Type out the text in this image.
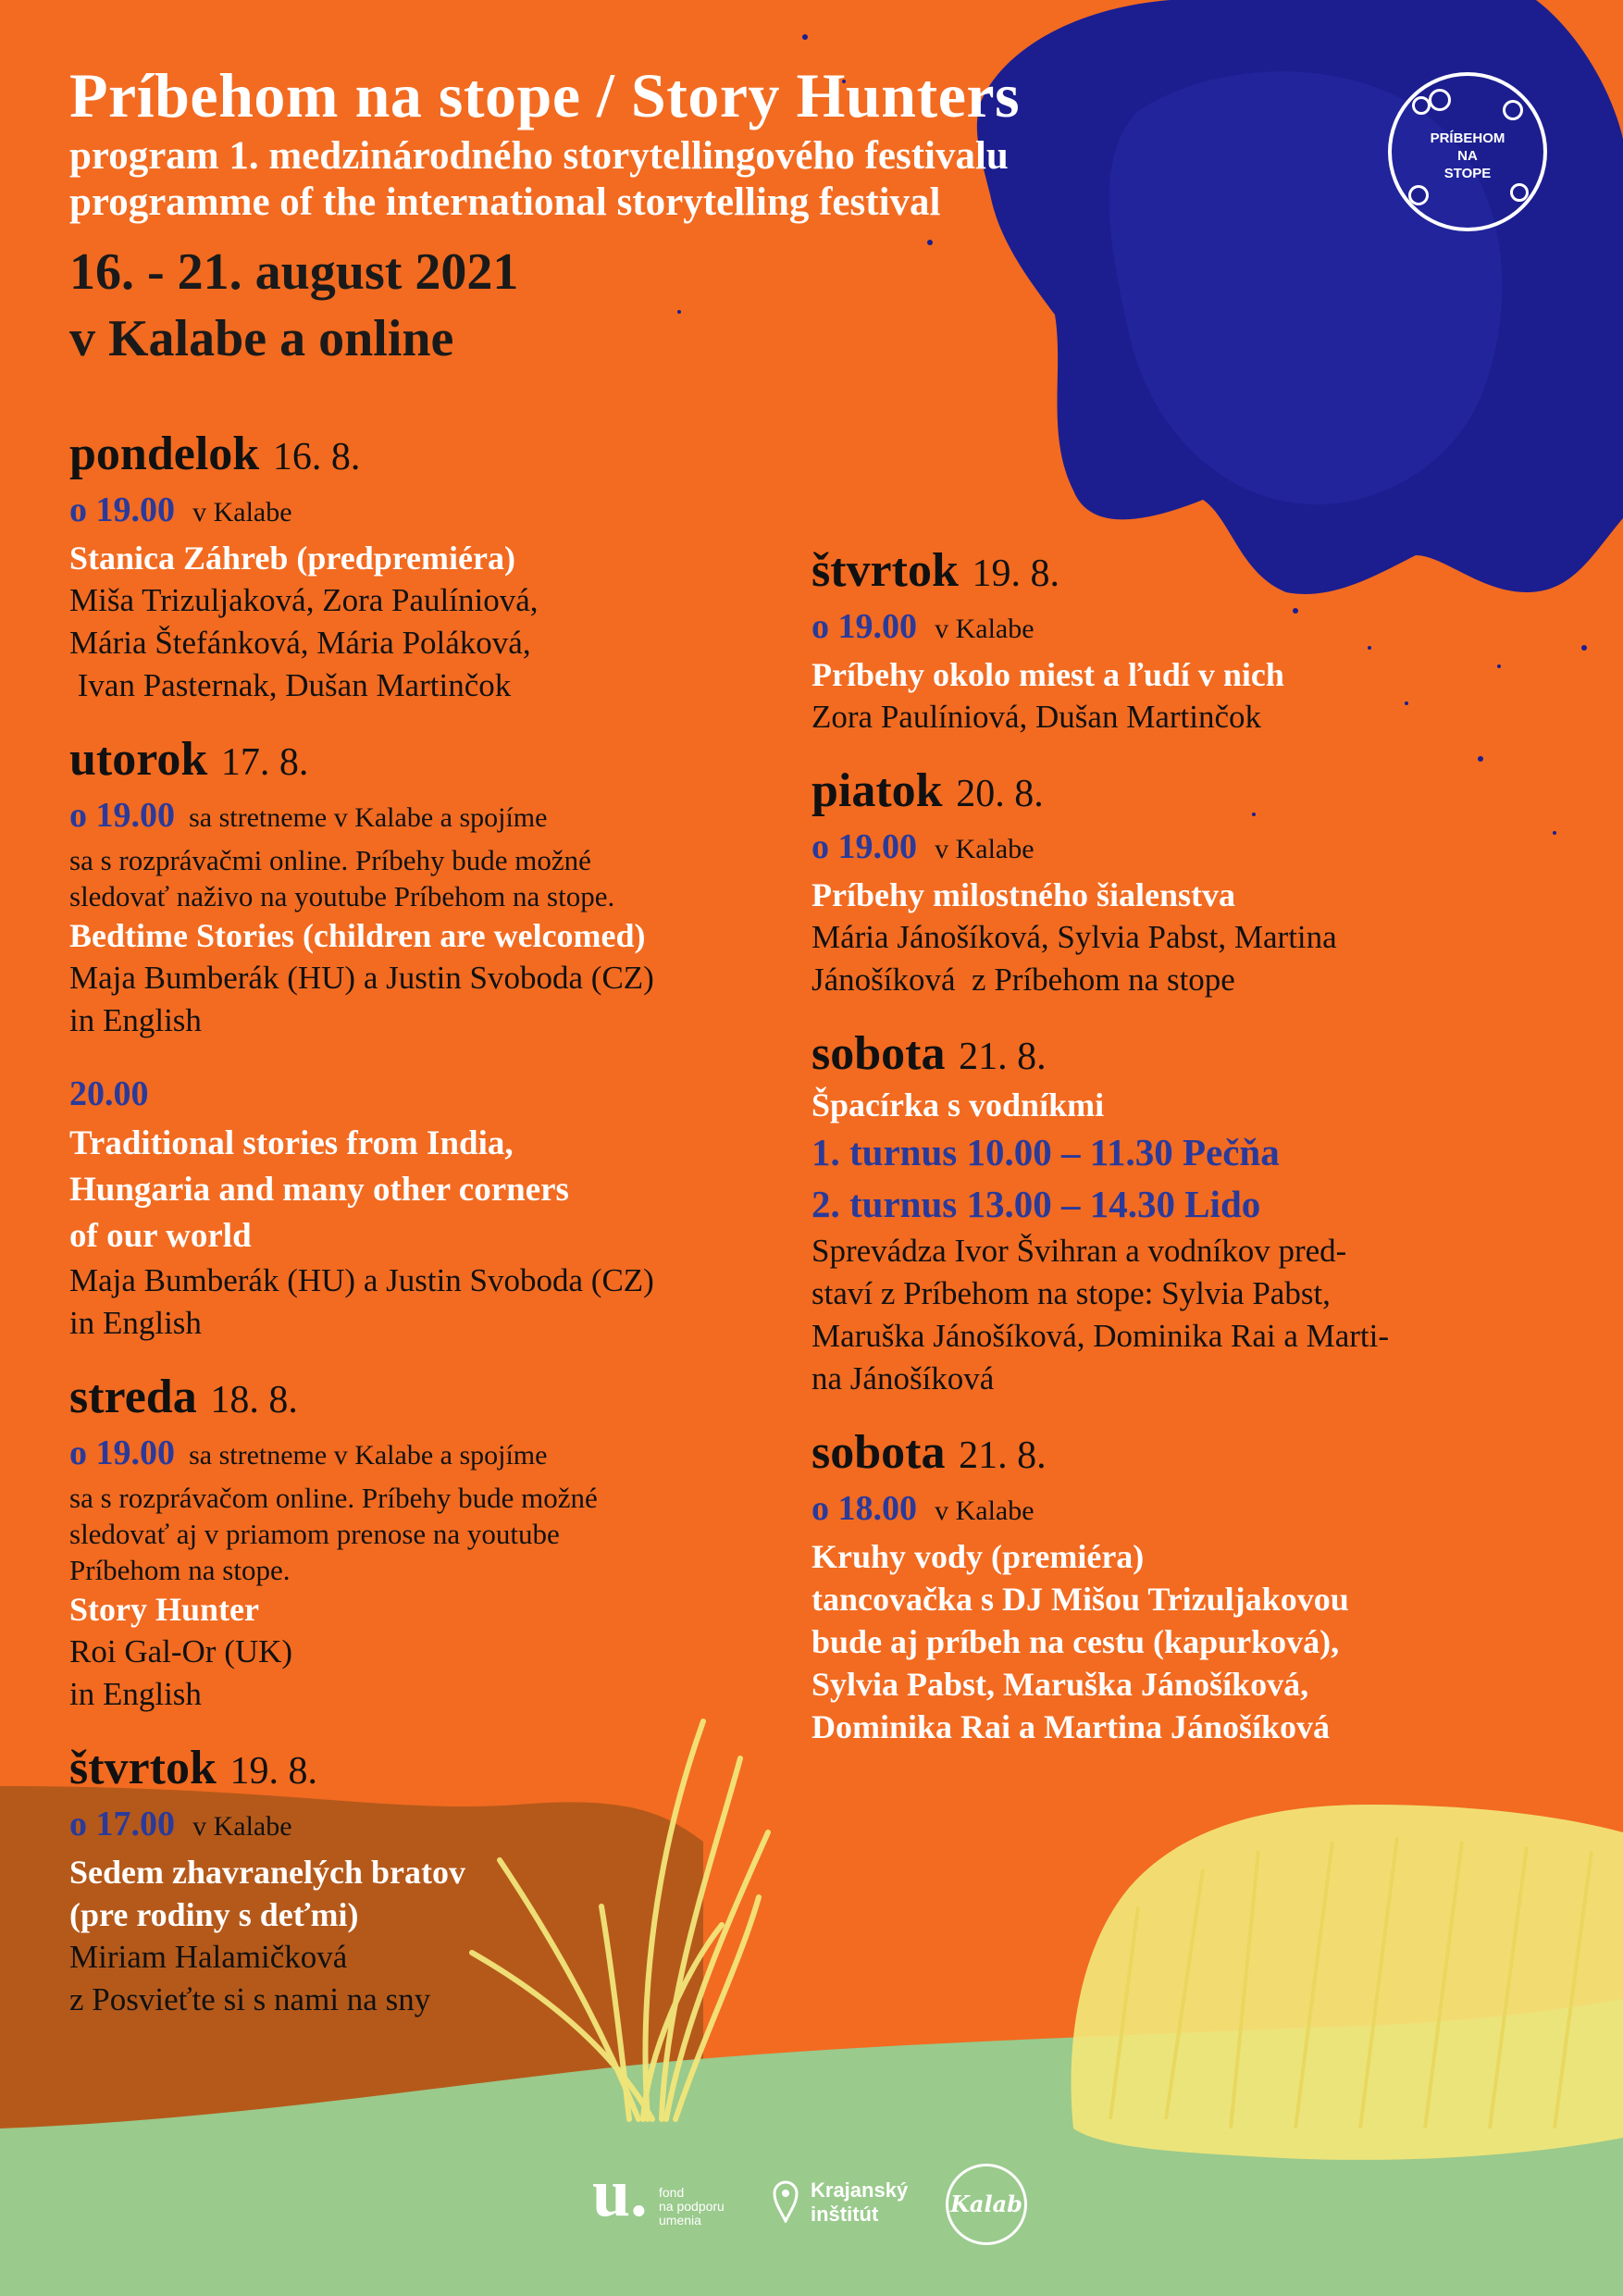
PRÍBEHOM
NA
STOPE
Príbehom na stope / Story Hunters
program 1. medzinárodného storytellingového festivalu
programme of the international storytelling festival
16. - 21. august 2021
v Kalabe a online
pondelok 16. 8.
o 19.00 v Kalabe
Stanica Záhreb (predpremiéra)
Miša Trizuljaková, Zora Paulíniová,
Mária Štefánková, Mária Poláková,
Ivan Pasternak, Dušan Martinčok
utorok 17. 8.
o 19.00 sa stretneme v Kalabe a spojíme
sa s rozprávačmi online. Príbehy bude možné
sledovať naživo na youtube Príbehom na stope.
Bedtime Stories (children are welcomed)
Maja Bumberák (HU) a Justin Svoboda (CZ)
in English
20.00
Traditional stories from India,
Hungaria and many other corners
of our world
Maja Bumberák (HU) a Justin Svoboda (CZ)
in English
streda 18. 8.
o 19.00 sa stretneme v Kalabe a spojíme
sa s rozprávačom online. Príbehy bude možné
sledovať aj v priamom prenose na youtube
Príbehom na stope.
Story Hunter
Roi Gal-Or (UK)
in English
štvrtok 19. 8.
o 17.00 v Kalabe
Sedem zhavranelých bratov
(pre rodiny s deťmi)
Miriam Halamičková
z Posvieťte si s nami na sny
štvrtok 19. 8.
o 19.00 v Kalabe
Príbehy okolo miest a ľudí v nich
Zora Paulíniová, Dušan Martinčok
piatok 20. 8.
o 19.00 v Kalabe
Príbehy milostného šialenstva
Mária Jánošíková, Sylvia Pabst, Martina
Jánošíková  z Príbehom na stope
sobota 21. 8.
Špacírka s vodníkmi
1. turnus 10.00 – 11.30 Pečňa
2. turnus 13.00 – 14.30 Lido
Sprevádza Ivor Švihran a vodníkov pred-
staví z Príbehom na stope: Sylvia Pabst,
Maruška Jánošíková, Dominika Rai a Marti-
na Jánošíková
sobota 21. 8.
o 18.00 v Kalabe
Kruhy vody (premiéra)
tancovačka s DJ Mišou Trizuljakovou
bude aj príbeh na cestu (kapurková),
Sylvia Pabst, Maruška Jánošíková,
Dominika Rai a Martina Jánošíková
u. fond
na podporu
umenia
Krajanský
inštitút	Kalab
